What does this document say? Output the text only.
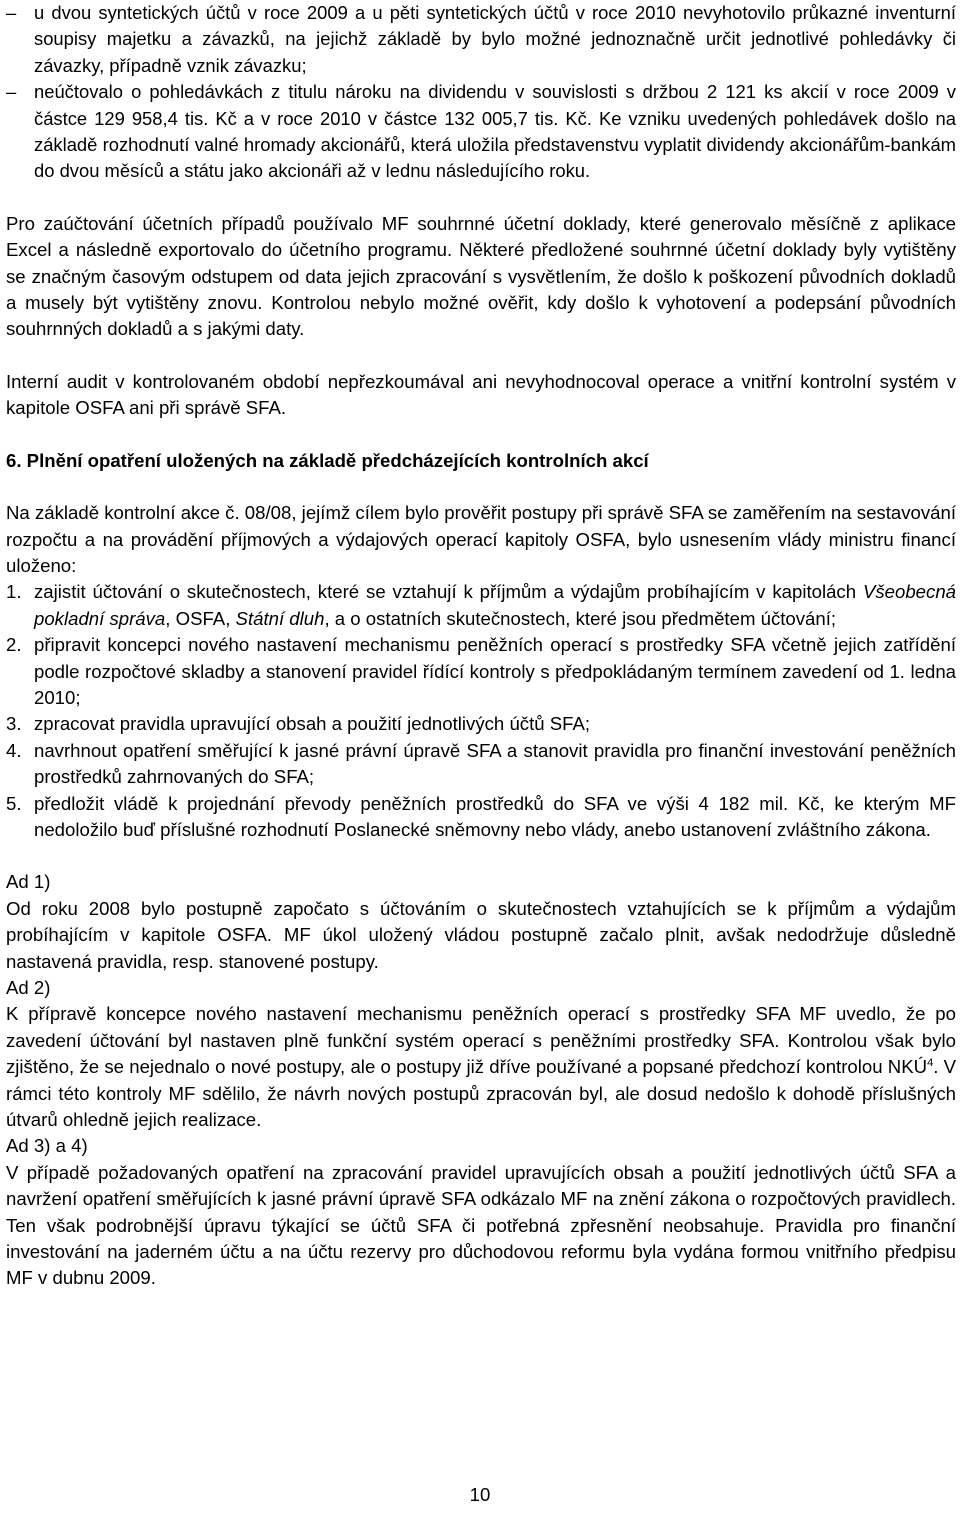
– u dvou syntetických účtů v roce 2009 a u pěti syntetických účtů v roce 2010 nevyhotovilo průkazné inventurní soupisy majetku a závazků, na jejichž základě by bylo možné jednoznačně určit jednotlivé pohledávky či závazky, případně vznik závazku;

– neúčtovalo o pohledávkách z titulu nároku na dividendu v souvislosti s držbou 2 121 ks akcií v roce 2009 v částce 129 958,4 tis. Kč a v roce 2010 v částce 132 005,7 tis. Kč. Ke vzniku uvedených pohledávek došlo na základě rozhodnutí valné hromady akcionářů, která uložila představenstvu vyplatit dividendy akcionářům-bankám do dvou měsíců a státu jako akcionáři až v lednu následujícího roku.

Pro zaúčtování účetních případů používalo MF souhrnné účetní doklady, které generovalo měsíčně z aplikace Excel a následně exportovalo do účetního programu. Některé předložené souhrnné účetní doklady byly vytištěny se značným časovým odstupem od data jejich zpracování s vysvětlením, že došlo k poškození původních dokladů a musely být vytištěny znovu. Kontrolou nebylo možné ověřit, kdy došlo k vyhotovení a podepsání původních souhrnných dokladů a s jakými daty.

Interní audit v kontrolovaném období nepřezkoumával ani nevyhodnocoval operace a vnitřní kontrolní systém v kapitole OSFA ani při správě SFA.

6. Plnění opatření uložených na základě předcházejících kontrolních akcí

Na základě kontrolní akce č. 08/08, jejímž cílem bylo prověřit postupy při správě SFA se zaměřením na sestavování rozpočtu a na provádění příjmových a výdajových operací kapitoly OSFA, bylo usnesením vlády ministru financí uloženo:

1. zajistit účtování o skutečnostech, které se vztahují k příjmům a výdajům probíhajícím v kapitolách Všeobecná pokladní správa, OSFA, Státní dluh, a o ostatních skutečnostech, které jsou předmětem účtování;

2. připravit koncepci nového nastavení mechanismu peněžních operací s prostředky SFA včetně jejich zatřídění podle rozpočtové skladby a stanovení pravidel řídící kontroly s předpokládaným termínem zavedení od 1. ledna 2010;

3. zpracovat pravidla upravující obsah a použití jednotlivých účtů SFA;

4. navrhnout opatření směřující k jasné právní úpravě SFA a stanovit pravidla pro finanční investování peněžních prostředků zahrnovaných do SFA;

5. předložit vládě k projednání převody peněžních prostředků do SFA ve výši 4 182 mil. Kč, ke kterým MF nedoložilo buď příslušné rozhodnutí Poslanecké sněmovny nebo vlády, anebo ustanovení zvláštního zákona.

Ad 1)

Od roku 2008 bylo postupně započato s účtováním o skutečnostech vztahujících se k příjmům a výdajům probíhajícím v kapitole OSFA. MF úkol uložený vládou postupně začalo plnit, avšak nedodržuje důsledně nastavená pravidla, resp. stanovené postupy.

Ad 2)

K přípravě koncepce nového nastavení mechanismu peněžních operací s prostředky SFA MF uvedlo, že po zavedení účtování byl nastaven plně funkční systém operací s peněžními prostředky SFA. Kontrolou však bylo zjištěno, že se nejednalo o nové postupy, ale o postupy již dříve používané a popsané předchozí kontrolou NKÚ$^4$. V rámci této kontroly MF sdělilo, že návrh nových postupů zpracován byl, ale dosud nedošlo k dohodě příslušných útvarů ohledně jejich realizace.

Ad 3) a 4)

V případě požadovaných opatření na zpracování pravidel upravujících obsah a použití jednotlivých účtů SFA a navržení opatření směřujících k jasné právní úpravě SFA odkázalo MF na znění zákona o rozpočtových pravidlech. Ten však podrobnější úpravu týkající se účtů SFA či potřebná zpřesnění neobsahuje. Pravidla pro finanční investování na jaderném účtu a na účtu rezervy pro důchodovou reformu byla vydána formou vnitřního předpisu MF v dubnu 2009.

10
